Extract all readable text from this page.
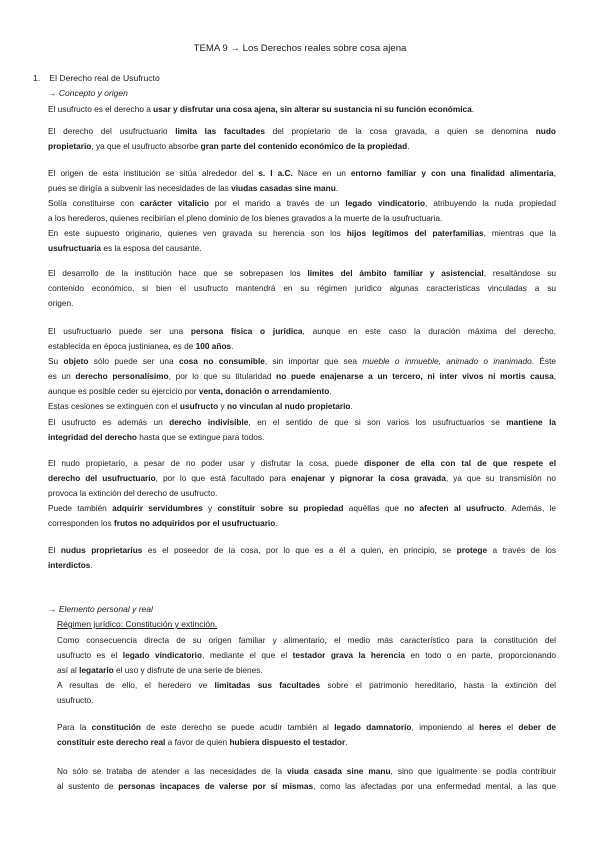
TEMA 9 → Los Derechos reales sobre cosa ajena
1. El Derecho real de Usufructo
→ Concepto y origen

El usufructo es el derecho a usar y disfrutar una cosa ajena, sin alterar su sustancia ni su función económica.

El derecho del usufructuario limita las facultades del propietario de la cosa gravada, a quien se denomina nudo
propietario, ya que el usufructo absorbe gran parte del contenido económico de la propiedad.

El origen de esta institución se sitúa alrededor del s. I a.C. Nace en un entorno familiar y con una finalidad alimentaria,
pues se dirigía a subvenir las necesidades de las viudas casadas sine manu.
Solía constituirse con carácter vitalicio por el marido a través de un legado vindicatorio, atribuyendo la nuda propiedad
a los herederos, quienes recibirían el pleno dominio de los bienes gravados a la muerte de la usufructuaria.
En este supuesto originario, quienes ven gravada su herencia son los hijos legítimos del paterfamilias, mientras que la
usufructuaria es la esposa del causante.

El desarrollo de la institución hace que se sobrepasen los límites del ámbito familiar y asistencial, resaltándose su
contenido económico, si bien el usufructo mantendrá en su régimen jurídico algunas características vinculadas a su
origen.

El usufructuario puede ser una persona física o jurídica, aunque en este caso la duración máxima del derecho,
establecida en época justinianea, es de 100 años.
Su objeto sólo puede ser una cosa no consumible, sin importar que sea mueble o inmueble, animado o inanimado. Éste
es un derecho personalísimo, por lo que su titularidad no puede enajenarse a un tercero, ni inter vivos ni mortis causa,
aunque es posible ceder su ejercicio por venta, donación o arrendamiento.
Estas cesiones se extinguen con el usufructo y no vinculan al nudo propietario.
El usufructo es además un derecho indivisible, en el sentido de que si son varios los usufructuarios se mantiene la
integridad del derecho hasta que se extingue para todos.

El nudo propietario, a pesar de no poder usar y disfrutar la cosa, puede disponer de ella con tal de que respete el
derecho del usufructuario, por lo que está facultado para enajenar y pignorar la cosa gravada, ya que su transmisión no
provoca la extinción del derecho de usufructo.
Puede también adquirir servidumbres y constituir sobre su propiedad aquéllas que no afecten al usufructo. Además, le
corresponden los frutos no adquiridos por el usufructuario.

El nudus proprietarius es el poseedor de la cosa, por lo que es a él a quien, en principio, se protege a través de los
interdictos.

→ Elemento personal y real
Régimen jurídico: Constitución y extinción.

Como consecuencia directa de su origen familiar y alimentario, el medio más característico para la constitución del
usufructo es el legado vindicatorio, mediante el que el testador grava la herencia en todo o en parte, proporcionando
así al legatario el uso y disfrute de una serie de bienes.
A resultas de ello, el heredero ve limitadas sus facultades sobre el patrimonio hereditario, hasta la extinción del
usufructo.

Para la constitución de este derecho se puede acudir también al legado damnatorio, imponiendo al heres el deber de
constituir este derecho real a favor de quien hubiera dispuesto el testador.

No sólo se trataba de atender a las necesidades de la viuda casada sine manu, sino que igualmente se podía contribuir
al sustento de personas incapaces de valerse por sí mismas, como las afectadas por una enfermedad mental, a las que
